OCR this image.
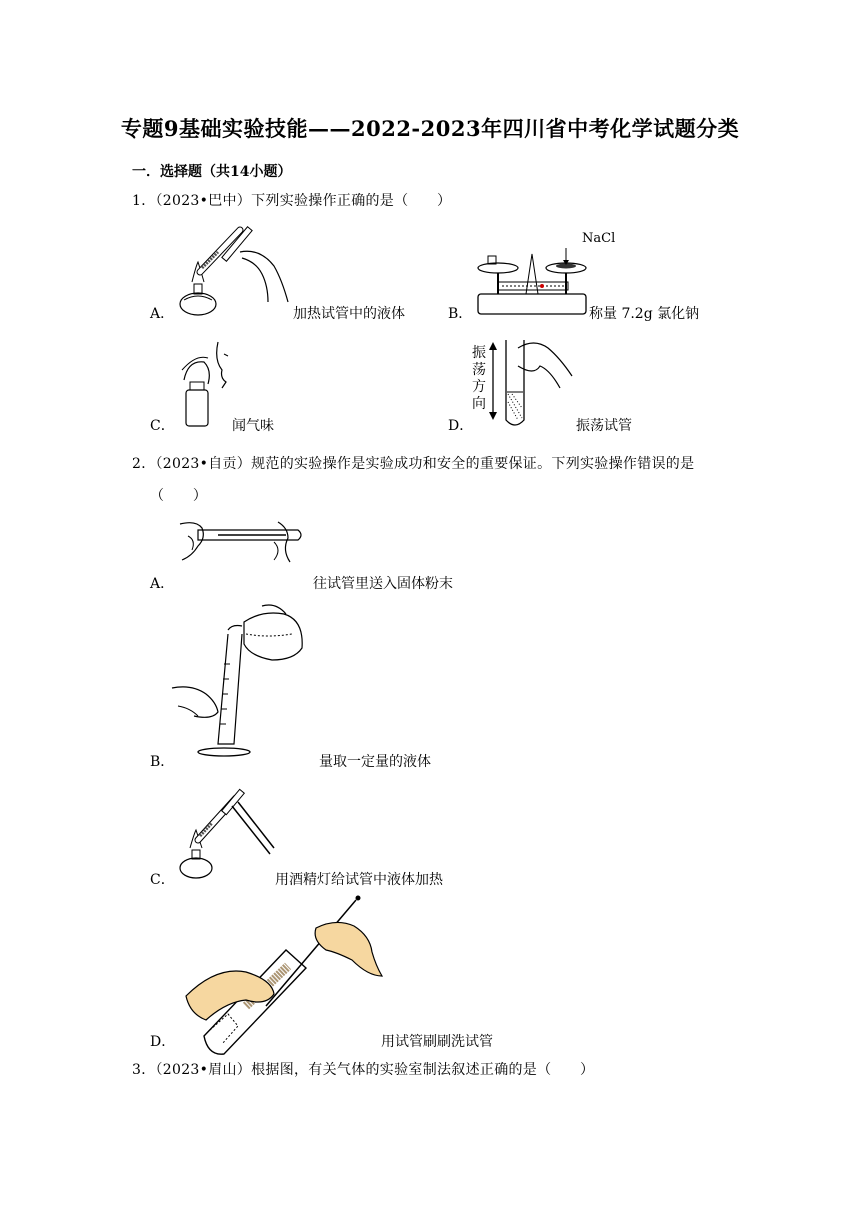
专题9基础实验技能——2022-2023年四川省中考化学试题分类
一．选择题（共14小题）
1．（2023•巴中）下列实验操作正确的是（　　）
A．	加热试管中的液体
NaCl
B．	称量 7.2g 氯化钠
C．	闻气味
振荡方向
D．	振荡试管
2．（2023•自贡）规范的实验操作是实验成功和安全的重要保证。下列实验操作错误的是
（　　）
A．	往试管里送入固体粉末
B．	量取一定量的液体
C．	用酒精灯给试管中液体加热
D．	用试管刷刷洗试管
3．（2023•眉山）根据图，有关气体的实验室制法叙述正确的是（　　）
